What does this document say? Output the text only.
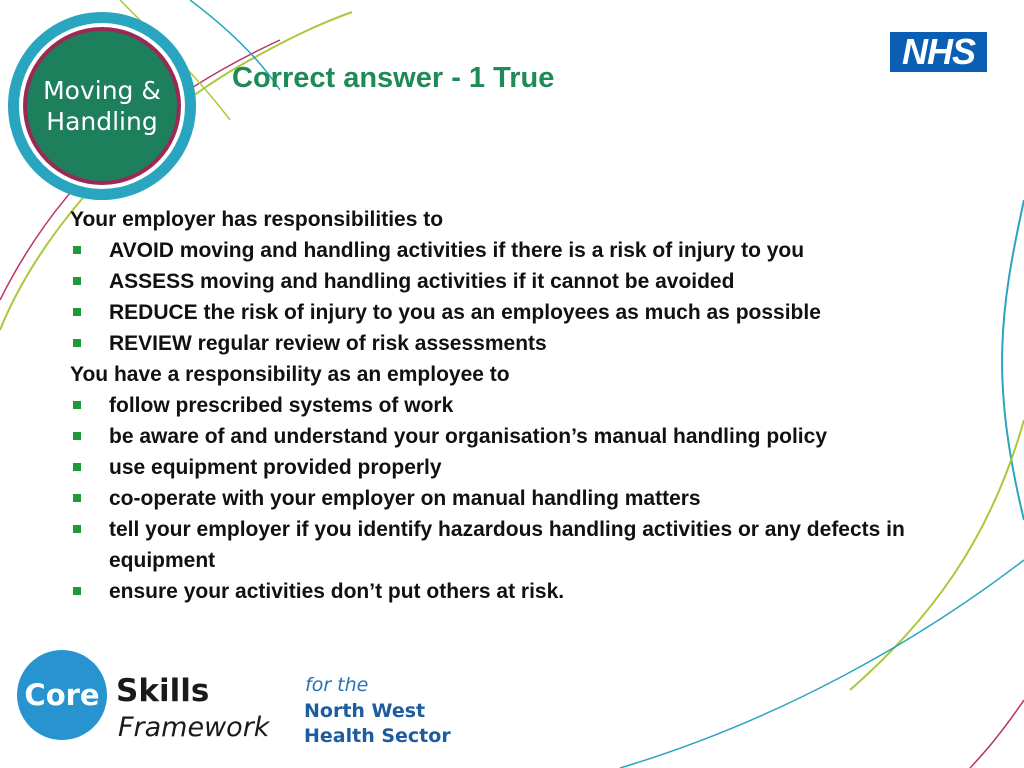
Moving &
Handling
Correct answer - 1 True
NHS

Your employer has responsibilities to

AVOID moving and handling activities if there is a risk of injury to you
ASSESS moving and handling activities if it cannot be avoided
REDUCE the risk of injury to you as an employees as much as possible
REVIEW regular review of risk assessments

You have a responsibility as an employee to

follow prescribed systems of work
be aware of and understand your organisation’s manual handling policy
use equipment provided properly
co-operate with your employer on manual handling matters
tell your employer if you identify hazardous handling activities or any defects in equipment
ensure your activities don’t put others at risk.
Core Skills
Framework
for the
North West
Health Sector
